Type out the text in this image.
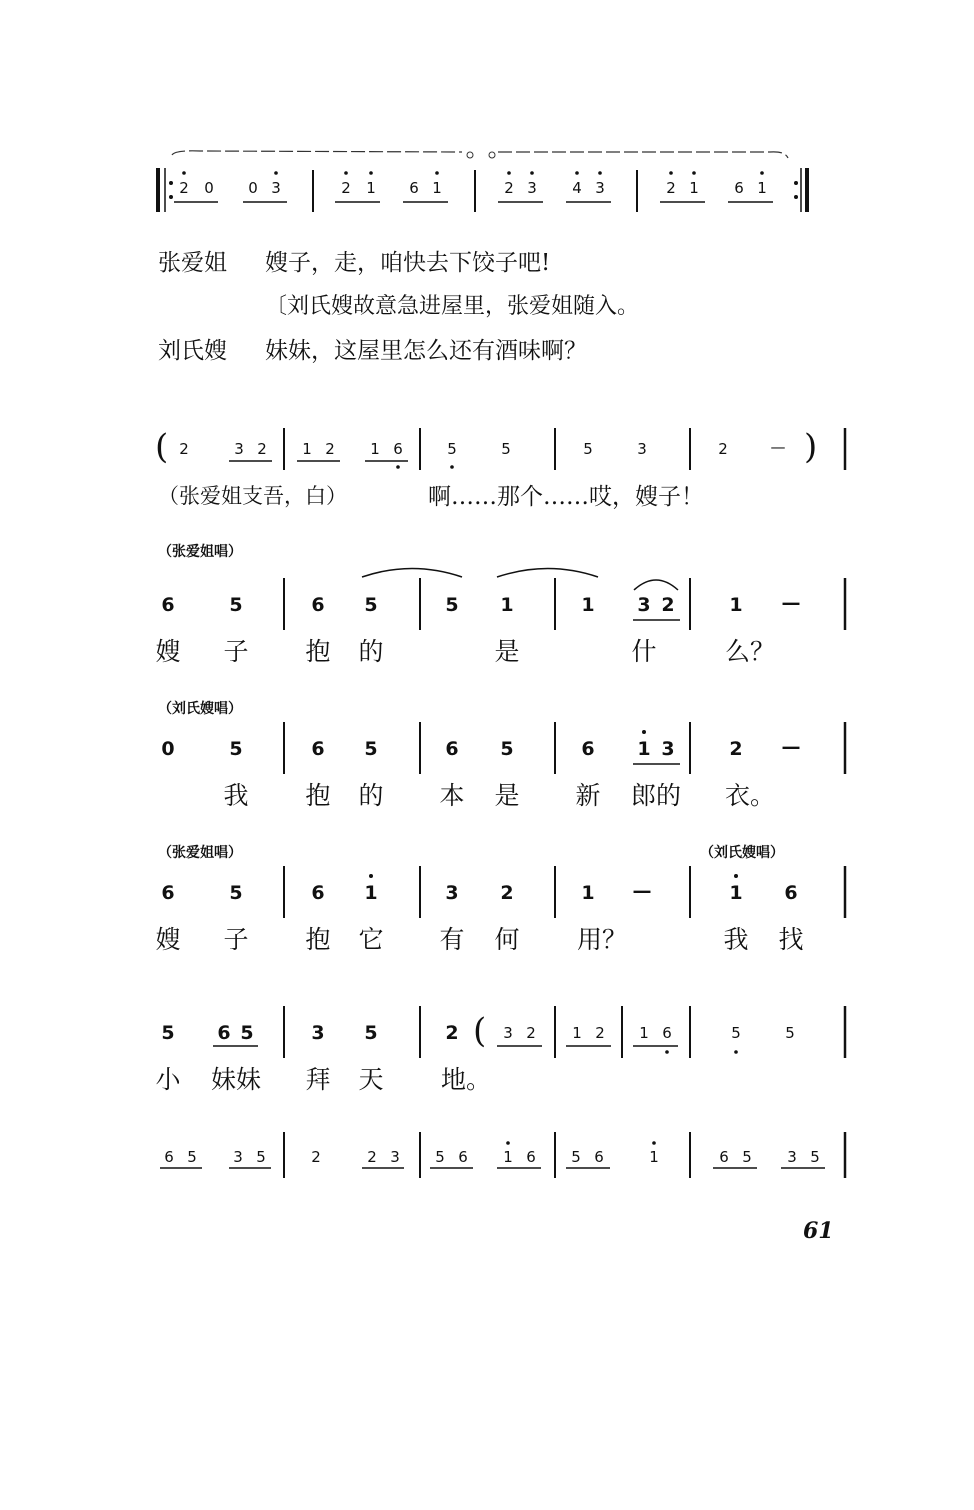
2 0 0 3	2 1 6 1	2 3 4 3	2 1 6 1
张爱姐 嫂子，走，咱快去下饺子吧!
〔刘氏嫂故意急进屋里，张爱姐随入。
刘氏嫂 妹妹，这屋里怎么还有酒味啊？
( 2	3 2 1 2 1 6	5	5	5	3	2	— )
（张爱姐支吾，白）	啊……那个……哎，嫂子！
（张爱姐唱）
6	5	6 5	5 1	1 3 2	1 —
嫂 子 抱 的	是	什	么？
（刘氏嫂唱）
0	5	6 5	6 5	6 1 3	2 —
我 抱 的 本 是 新 郎的 衣。
（张爱姐唱）	（刘氏嫂唱）
6	5	6 1	3 2	1 —	1 6
嫂 子 抱 它 有 何 用？	我 找
5 6 5	3 5	2 ( 3 2 1 2 1 6	5	5
小 妹妹 拜 天 地。
6 5 3 5	2	2 3 5 6 1 6 5 6	1	6 5 3 5
61
